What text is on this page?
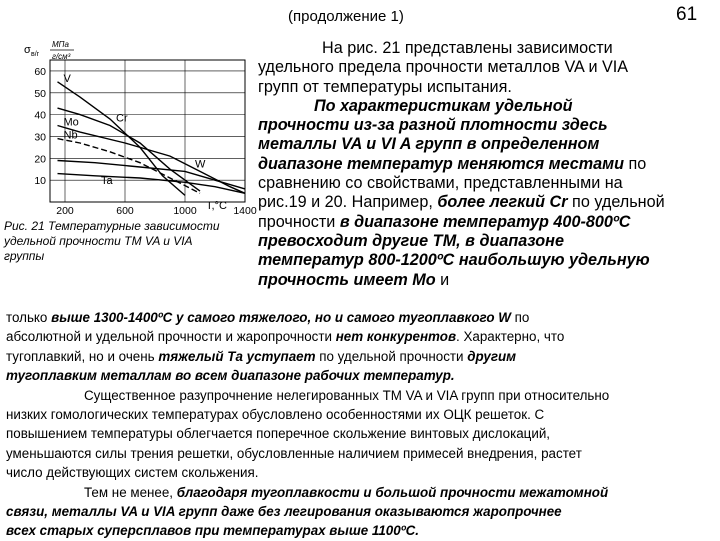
(продолжение 1)	61
σ в/r
МПа
г/см³
10
20
30
40
50
60
200	600	1000	1400
V
Cr
Mo
Nb
W
Ta
T,°C
Рис. 21 Температурные зависимости
удельной прочности ТМ VA и VIA
группы

На рис. 21 представлены зависимости

удельного предела прочности металлов VA и VIA

групп от температуры испытания.

По характеристикам удельной

прочности из-за разной плотности здесь

металлы VA и VI A групп в определенном

диапазоне температур меняются местами по

сравнению со свойствами, представленными на

рис.19 и 20. Например, более легкий Cr по удельной

прочности в диапазоне температур 400-800ºС

превосходит другие ТМ, в диапазоне

температур 800-1200ºС наибольшую удельную

прочность имеет Мо и

только выше 1300-1400ºС у самого тяжелого, но и самого тугоплавкого W по

абсолютной и удельной прочности и жаропрочности нет конкурентов. Характерно, что

тугоплавкий, но и очень тяжелый Та уступает по удельной прочности другим

тугоплавким металлам во всем диапазоне рабочих температур.

Существенное разупрочнение нелегированных ТМ VA и VIA групп при относительно

низких гомологических температурах обусловлено особенностями их ОЦК решеток. С

повышением температуры облегчается поперечное скольжение винтовых дислокаций,

уменьшаются силы трения решетки, обусловленные наличием примесей внедрения, растет

число действующих систем скольжения.

Тем не менее, благодаря тугоплавкости и большой прочности межатомной

связи, металлы VA и VIA групп даже без легирования оказываются жаропрочнее

всех старых суперсплавов при температурах выше 1100ºС.
